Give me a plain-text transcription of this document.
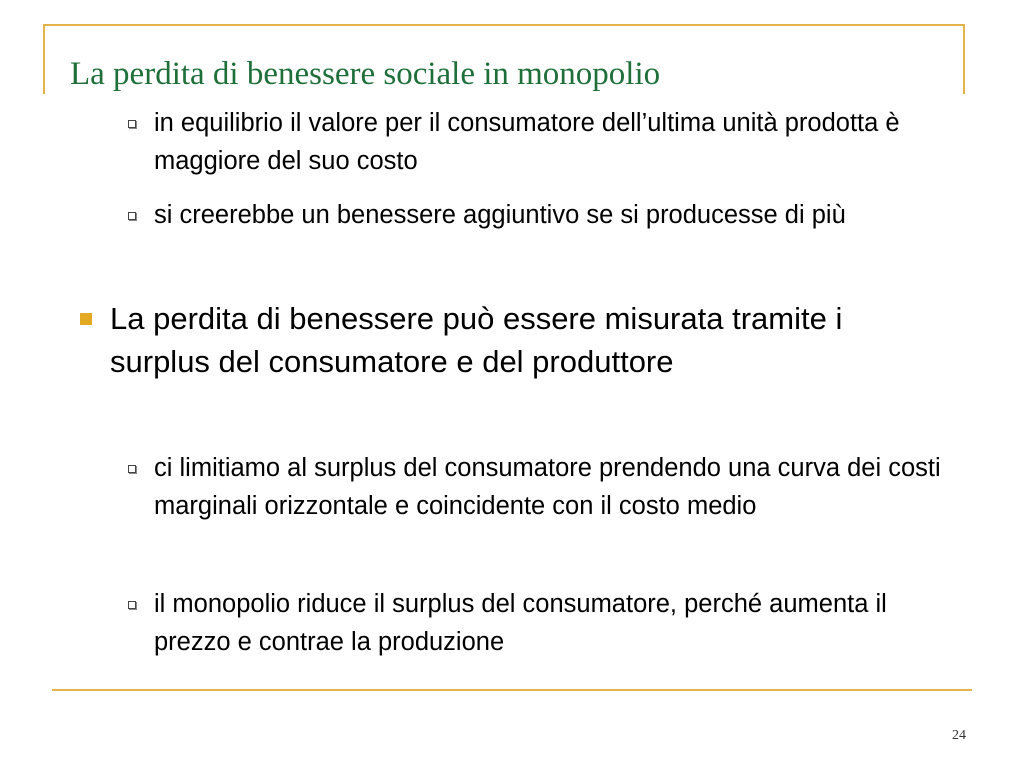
La perdita di benessere sociale in monopolio
in equilibrio il valore per il consumatore dell’ultima unità prodotta è maggiore del suo costo
si creerebbe un benessere aggiuntivo se si producesse di più
La perdita di benessere può essere misurata tramite i surplus del consumatore e del produttore
ci limitiamo al surplus del consumatore prendendo una curva dei costi marginali orizzontale e coincidente con il costo medio
il monopolio riduce il surplus del consumatore, perché aumenta il prezzo e contrae la produzione
24
